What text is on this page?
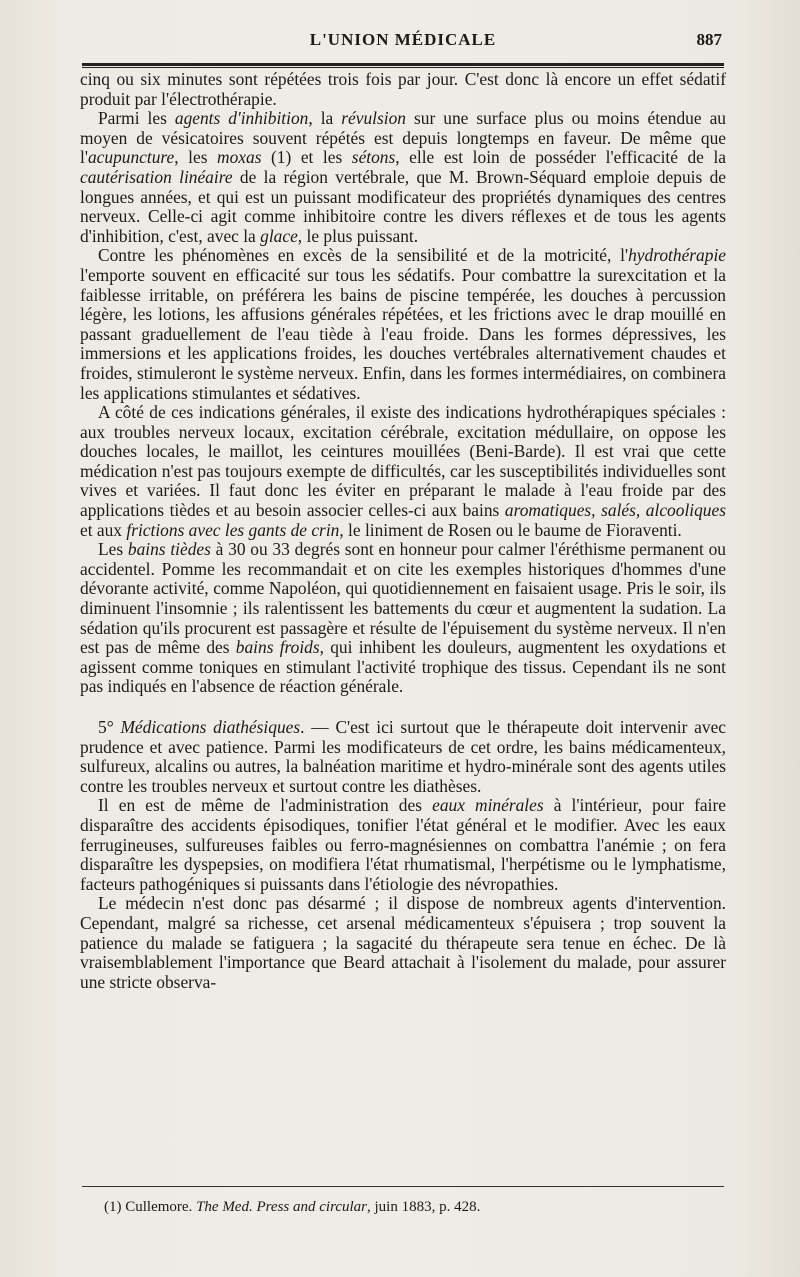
L'UNION MÉDICALE	887

cinq ou six minutes sont répétées trois fois par jour. C'est donc là encore un effet sédatif produit par l'électrothérapie.

Parmi les agents d'inhibition, la révulsion sur une surface plus ou moins étendue au moyen de vésicatoires souvent répétés est depuis longtemps en faveur. De même que l'acupuncture, les moxas (1) et les sétons, elle est loin de posséder l'efficacité de la cautérisation linéaire de la région vertébrale, que M. Brown-Séquard emploie depuis de longues années, et qui est un puissant modificateur des propriétés dynamiques des centres nerveux. Celle-ci agit comme inhibitoire contre les divers réflexes et de tous les agents d'inhibition, c'est, avec la glace, le plus puissant.

Contre les phénomènes en excès de la sensibilité et de la motricité, l'hydrothérapie l'emporte souvent en efficacité sur tous les sédatifs. Pour combattre la surexcitation et la faiblesse irritable, on préférera les bains de piscine tempérée, les douches à percussion légère, les lotions, les affusions générales répétées, et les frictions avec le drap mouillé en passant graduellement de l'eau tiède à l'eau froide. Dans les formes dépressives, les immersions et les applications froides, les douches vertébrales alternativement chaudes et froides, stimuleront le système nerveux. Enfin, dans les formes intermédiaires, on combinera les applications stimulantes et sédatives.

A côté de ces indications générales, il existe des indications hydrothérapiques spéciales : aux troubles nerveux locaux, excitation cérébrale, excitation médullaire, on oppose les douches locales, le maillot, les ceintures mouillées (Beni-Barde). Il est vrai que cette médication n'est pas toujours exempte de difficultés, car les susceptibilités individuelles sont vives et variées. Il faut donc les éviter en préparant le malade à l'eau froide par des applications tièdes et au besoin associer celles-ci aux bains aromatiques, salés, alcooliques et aux frictions avec les gants de crin, le liniment de Rosen ou le baume de Fioraventi.

Les bains tièdes à 30 ou 33 degrés sont en honneur pour calmer l'éréthisme permanent ou accidentel. Pomme les recommandait et on cite les exemples historiques d'hommes d'une dévorante activité, comme Napoléon, qui quotidiennement en faisaient usage. Pris le soir, ils diminuent l'insomnie ; ils ralentissent les battements du cœur et augmentent la sudation. La sédation qu'ils procurent est passagère et résulte de l'épuisement du système nerveux. Il n'en est pas de même des bains froids, qui inhibent les douleurs, augmentent les oxydations et agissent comme toniques en stimulant l'activité trophique des tissus. Cependant ils ne sont pas indiqués en l'absence de réaction générale.

5° Médications diathésiques. — C'est ici surtout que le thérapeute doit intervenir avec prudence et avec patience. Parmi les modificateurs de cet ordre, les bains médicamenteux, sulfureux, alcalins ou autres, la balnéation maritime et hydro-minérale sont des agents utiles contre les troubles nerveux et surtout contre les diathèses.

Il en est de même de l'administration des eaux minérales à l'intérieur, pour faire disparaître des accidents épisodiques, tonifier l'état général et le modifier. Avec les eaux ferrugineuses, sulfureuses faibles ou ferro-magnésiennes on combattra l'anémie ; on fera disparaître les dyspepsies, on modifiera l'état rhumatismal, l'herpétisme ou le lymphatisme, facteurs pathogéniques si puissants dans l'étiologie des névropathies.

Le médecin n'est donc pas désarmé ; il dispose de nombreux agents d'intervention. Cependant, malgré sa richesse, cet arsenal médicamenteux s'épuisera ; trop souvent la patience du malade se fatiguera ; la sagacité du thérapeute sera tenue en échec. De là vraisemblablement l'importance que Beard attachait à l'isolement du malade, pour assurer une stricte observa-

(1) Cullemore. The Med. Press and circular, juin 1883, p. 428.
